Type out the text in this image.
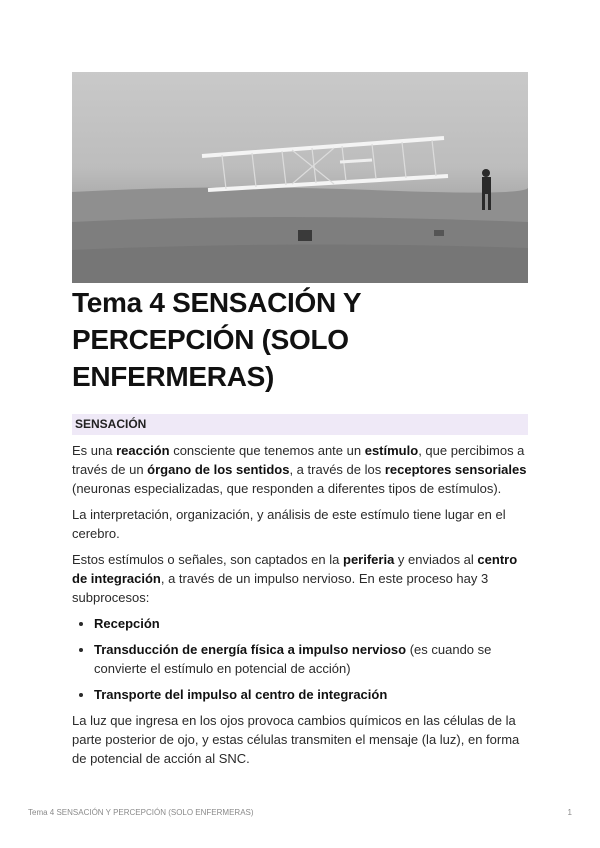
Tema 4 SENSACIÓN Y PERCEPCIÓN (SOLO ENFERMERAS)
SENSACIÓN

Es una reacción consciente que tenemos ante un estímulo, que percibimos a través de un órgano de los sentidos, a través de los receptores sensoriales (neuronas especializadas, que responden a diferentes tipos de estímulos).

La interpretación, organización, y análisis de este estímulo tiene lugar en el cerebro.

Estos estímulos o señales, son captados en la periferia y enviados al centro de integración, a través de un impulso nervioso. En este proceso hay 3 subprocesos:

• Recepción
• Transducción de energía física a impulso nervioso (es cuando se convierte el estímulo en potencial de acción)
• Transporte del impulso al centro de integración

La luz que ingresa en los ojos provoca cambios químicos en las células de la parte posterior de ojo, y estas células transmiten el mensaje (la luz), en forma de potencial de acción al SNC.

Tema 4 SENSACIÓN Y PERCEPCIÓN (SOLO ENFERMERAS)	1
